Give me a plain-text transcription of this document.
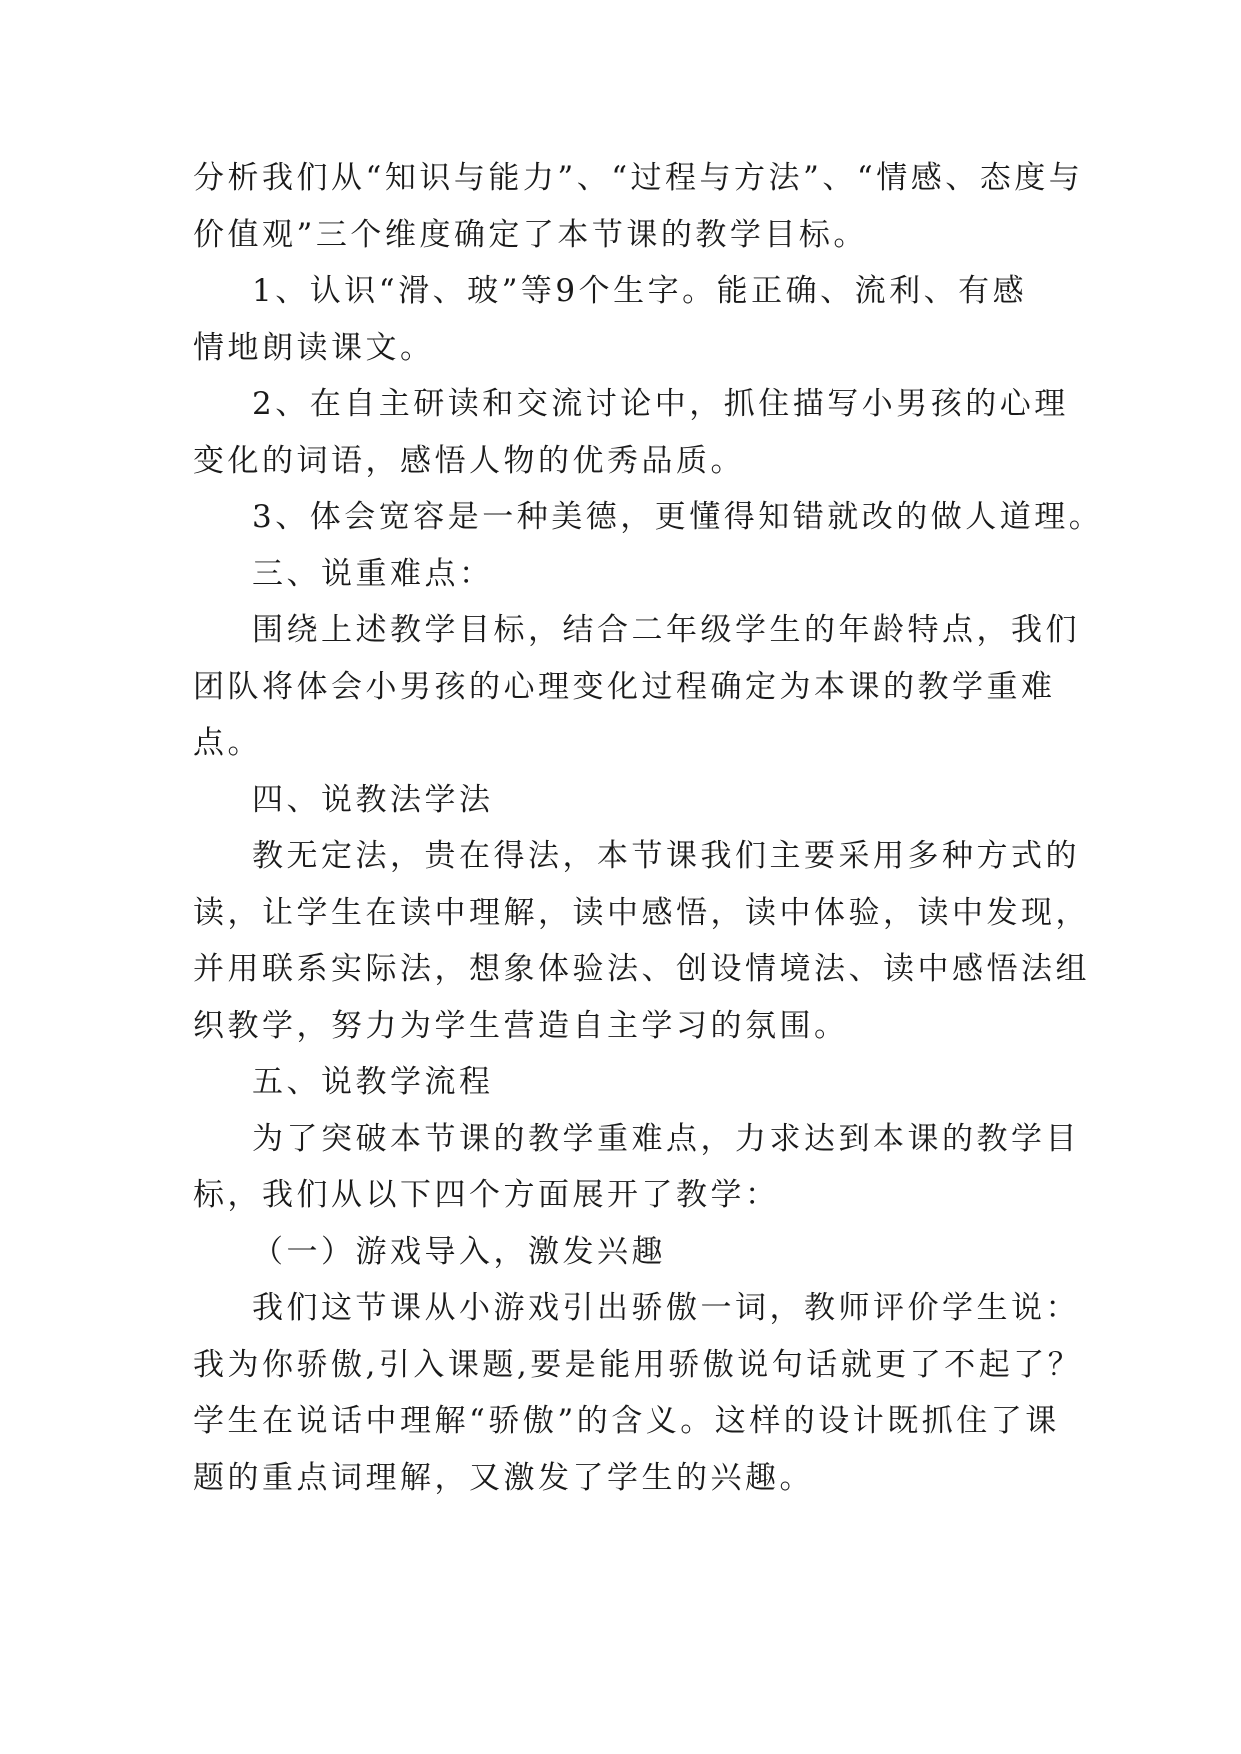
分析我们从“知识与能力”、“过程与方法”、“情感、态度与
价值观”三个维度确定了本节课的教学目标。
1、认识“滑、玻”等9个生字。能正确、流利、有感
情地朗读课文。
2、在自主研读和交流讨论中，抓住描写小男孩的心理
变化的词语，感悟人物的优秀品质。
3、体会宽容是一种美德，更懂得知错就改的做人道理。
三、说重难点：
围绕上述教学目标，结合二年级学生的年龄特点，我们
团队将体会小男孩的心理变化过程确定为本课的教学重难
点。
四、说教法学法
教无定法，贵在得法，本节课我们主要采用多种方式的
读，让学生在读中理解，读中感悟，读中体验，读中发现，
并用联系实际法，想象体验法、创设情境法、读中感悟法组
织教学，努力为学生营造自主学习的氛围。
五、说教学流程
为了突破本节课的教学重难点，力求达到本课的教学目
标，我们从以下四个方面展开了教学：
（一）游戏导入，激发兴趣
我们这节课从小游戏引出骄傲一词，教师评价学生说：
我为你骄傲,引入课题,要是能用骄傲说句话就更了不起了？
学生在说话中理解“骄傲”的含义。这样的设计既抓住了课
题的重点词理解，又激发了学生的兴趣。
